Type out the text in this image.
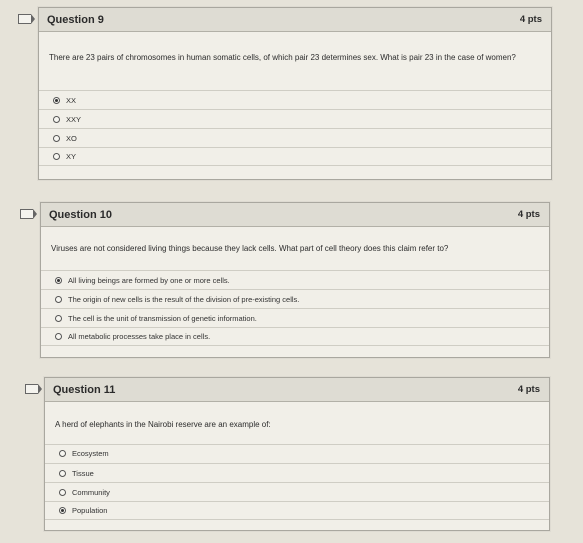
Question 9	4 pts
There are 23 pairs of chromosomes in human somatic cells, of which pair 23 determines sex. What is pair 23 in the case of women?
XX
XXY
XO
XY
Question 10	4 pts
Viruses are not considered living things because they lack cells. What part of cell theory does this claim refer to?
All living beings are formed by one or more cells.
The origin of new cells is the result of the division of pre-existing cells.
The cell is the unit of transmission of genetic information.
All metabolic processes take place in cells.
Question 11	4 pts
A herd of elephants in the Nairobi reserve are an example of:
Ecosystem
Tissue
Community
Population
